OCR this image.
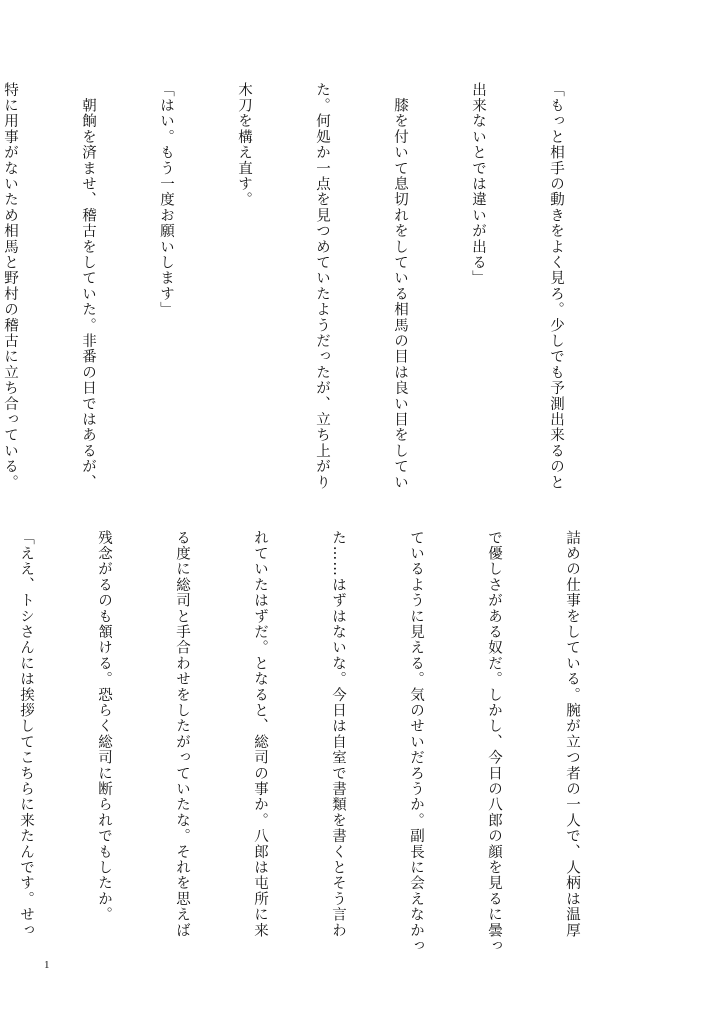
「もっと相手の動きをよく見ろ。少しでも予測出来るのと

出来ないとでは違いが出る」

　膝を付いて息切れをしている相馬の目は良い目をしてい

た。何処か一点を見つめていたようだったが、立ち上がり

木刀を構え直す。

「はい。もう一度お願いします」

　朝餉を済ませ、稽古をしていた。非番の日ではあるが、

特に用事がないため相馬と野村の稽古に立ち合っている。

詰めの仕事をしている。腕が立つ者の一人で、人柄は温厚

で優しさがある奴だ。しかし、今日の八郎の顔を見るに曇っ

ているように見える。気のせいだろうか。副長に会えなかっ

た……はずはないな。今日は自室で書類を書くとそう言わ

れていたはずだ。となると、総司の事か。八郎は屯所に来

る度に総司と手合わせをしたがっていたな。それを思えば

残念がるのも頷ける。恐らく総司に断られでもしたか。

「ええ、トシさんには挨拶してこちらに来たんです。せっ

1
